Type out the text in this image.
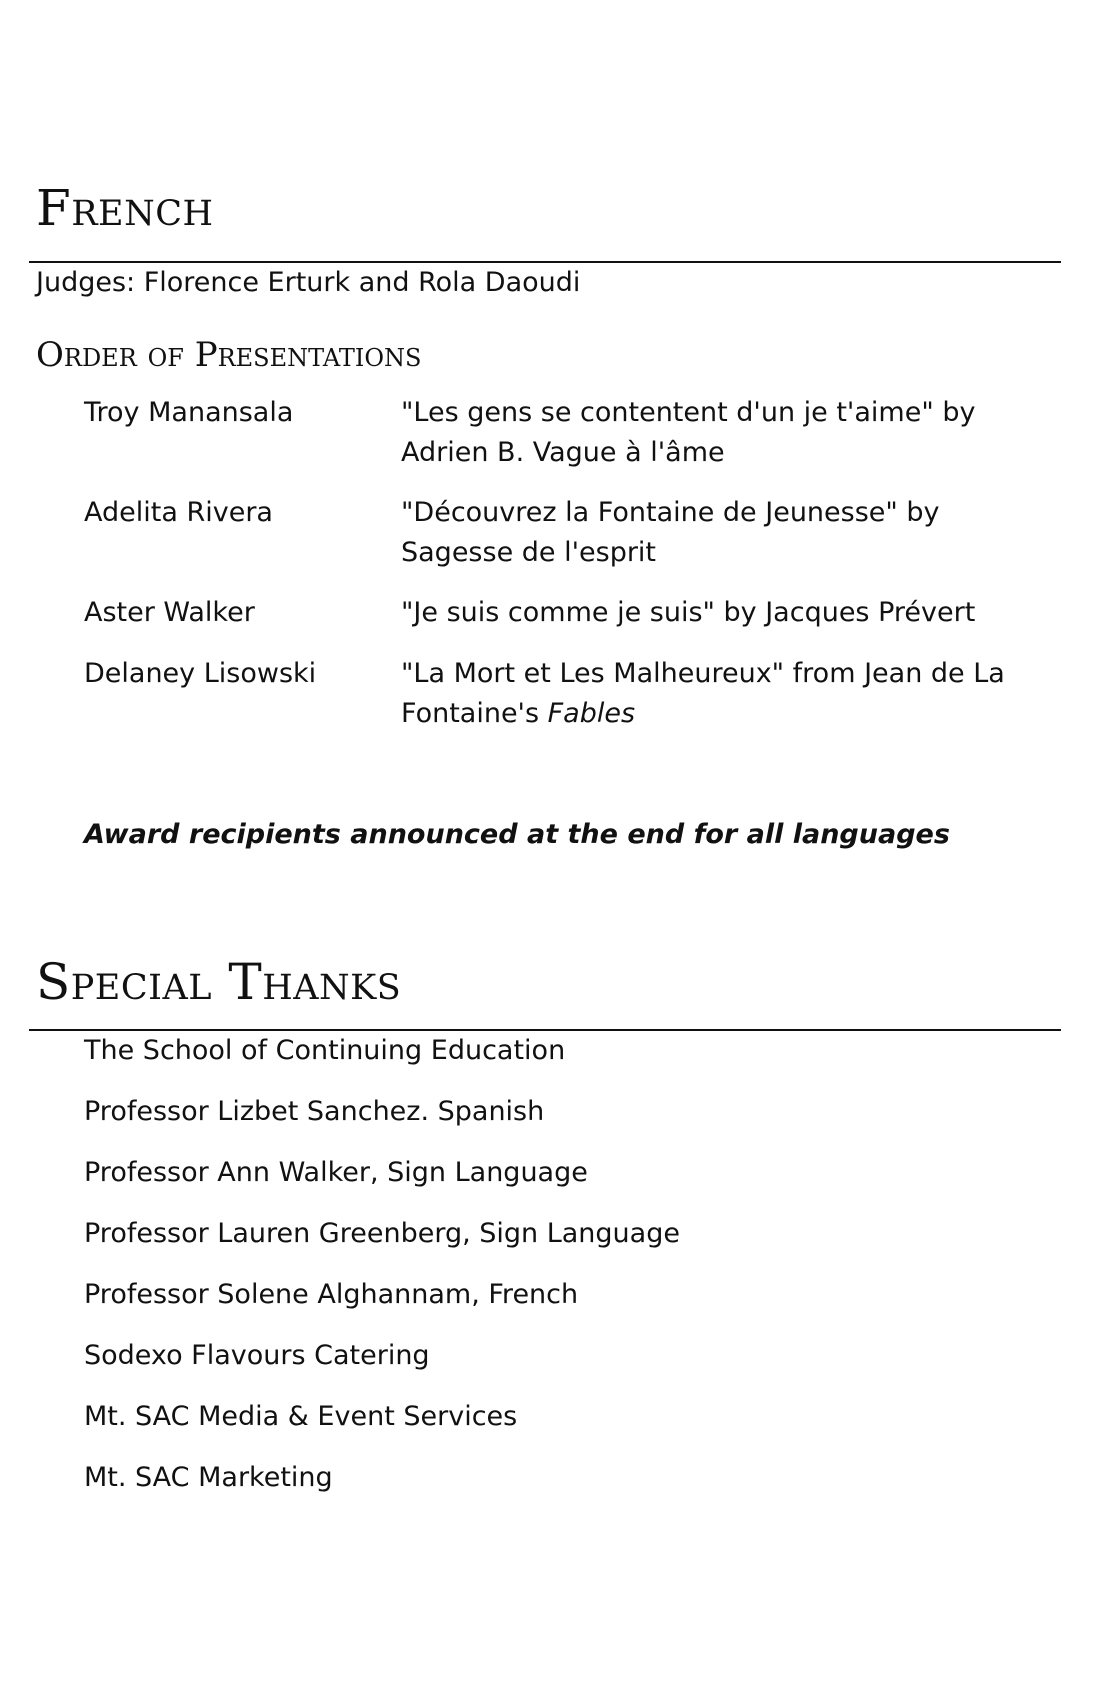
French

Judges: Florence Erturk and Rola Daoudi

Order of Presentations
Troy Manansala	"Les gens se contentent d'un je t'aime" by
Adrien B. Vague à l'âme
Adelita Rivera	"Découvrez la Fontaine de Jeunesse" by
Sagesse de l'esprit
Aster Walker	"Je suis comme je suis" by Jacques Prévert
Delaney Lisowski	"La Mort et Les Malheureux" from Jean de La
Fontaine's Fables
Award recipients announced at the end for all languages
Special Thanks
The School of Continuing Education
Professor Lizbet Sanchez. Spanish
Professor Ann Walker, Sign Language
Professor Lauren Greenberg, Sign Language
Professor Solene Alghannam, French
Sodexo Flavours Catering
Mt. SAC Media & Event Services
Mt. SAC Marketing
